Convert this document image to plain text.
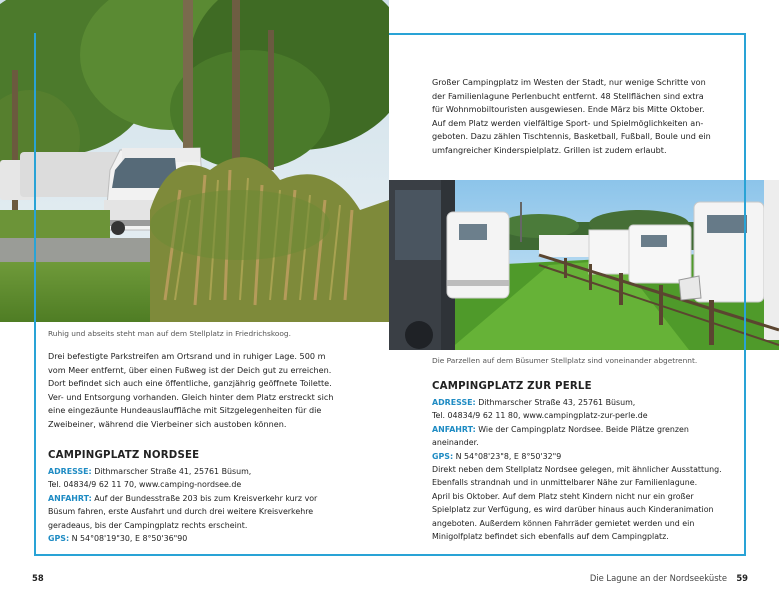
Ruhig und abseits steht man auf dem Stellplatz in Friedrichskoog.
Die Parzellen auf dem Büsumer Stellplatz sind voneinander abgetrennt.
Großer Campingplatz im Westen der Stadt, nur wenige Schritte von
der Familienlagune Perlenbucht entfernt. 48 Stellflächen sind extra
für Wohnmobiltouristen ausgewiesen. Ende März bis Mitte Oktober.
Auf dem Platz werden vielfältige Sport- und Spielmöglichkeiten an-
geboten. Dazu zählen Tischtennis, Basketball, Fußball, Boule und ein
umfangreicher Kinderspielplatz. Grillen ist zudem erlaubt.
Drei befestigte Parkstreifen am Ortsrand und in ruhiger Lage. 500 m
vom Meer entfernt, über einen Fußweg ist der Deich gut zu erreichen.
Dort befindet sich auch eine öffentliche, ganzjährig geöffnete Toilette.
Ver- und Entsorgung vorhanden. Gleich hinter dem Platz erstreckt sich
eine eingezäunte Hundeauslauffläche mit Sitzgelegenheiten für die
Zweibeiner, während die Vierbeiner sich austoben können.
CAMPINGPLATZ NORDSEE
ADRESSE: Dithmarscher Straße 41, 25761 Büsum,
Tel. 04834/9 62 11 70, www.camping-nordsee.de
ANFAHRT: Auf der Bundesstraße 203 bis zum Kreisverkehr kurz vor
Büsum fahren, erste Ausfahrt und durch drei weitere Kreisverkehre
geradeaus, bis der Campingplatz rechts erscheint.
GPS: N 54°08'19"30, E 8°50'36"90
CAMPINGPLATZ ZUR PERLE
ADRESSE: Dithmarscher Straße 43, 25761 Büsum,
Tel. 04834/9 62 11 80, www.campingplatz-zur-perle.de
ANFAHRT: Wie der Campingplatz Nordsee. Beide Plätze grenzen
aneinander.
GPS: N 54°08'23"8, E 8°50'32"9
Direkt neben dem Stellplatz Nordsee gelegen, mit ähnlicher Ausstattung.
Ebenfalls strandnah und in unmittelbarer Nähe zur Familienlagune.
April bis Oktober. Auf dem Platz steht Kindern nicht nur ein großer
Spielplatz zur Verfügung, es wird darüber hinaus auch Kinderanimation
angeboten. Außerdem können Fahrräder gemietet werden und ein
Minigolfplatz befindet sich ebenfalls auf dem Campingplatz.
58	Die Lagune an der Nordseeküste 59
